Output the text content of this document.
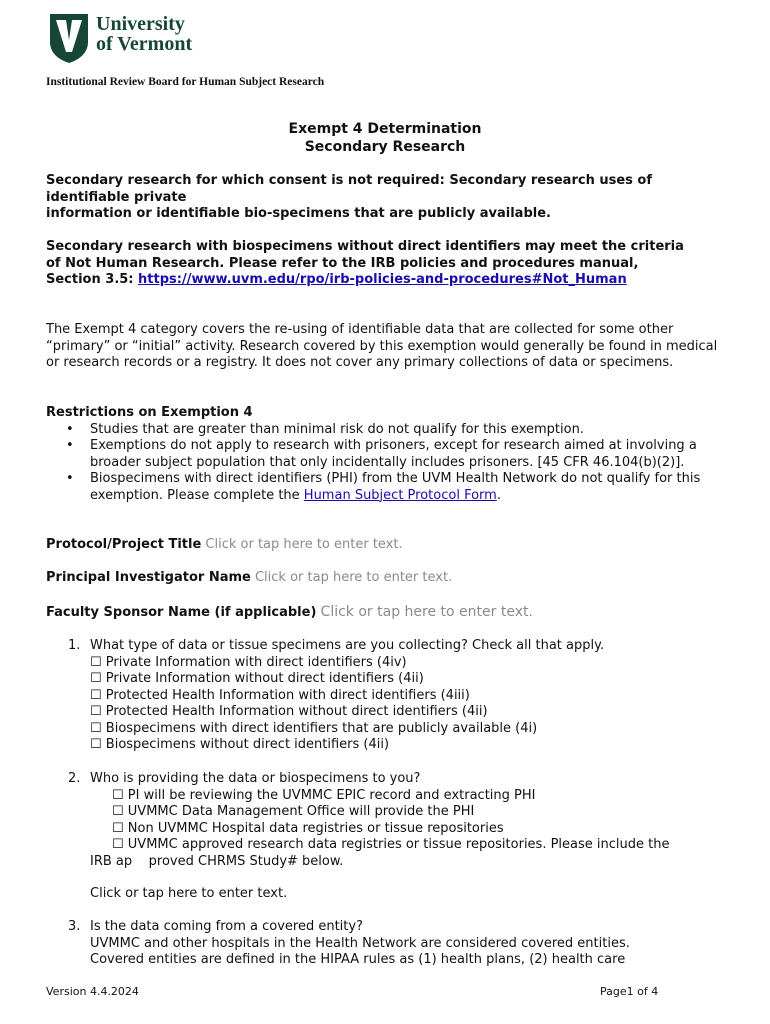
University
of Vermont
Institutional Review Board for Human Subject Research
Exempt 4 Determination
Secondary Research
Secondary research for which consent is not required: Secondary research uses of identifiable private
information or identifiable bio-specimens that are publicly available.
Secondary research with biospecimens without direct identifiers may meet the criteria of Not Human Research. Please refer to the IRB policies and procedures manual, Section 3.5: https://www.uvm.edu/rpo/irb-policies-and-procedures#Not_Human
The Exempt 4 category covers the re-using of identifiable data that are collected for some other “primary” or “initial” activity. Research covered by this exemption would generally be found in medical or research records or a registry. It does not cover any primary collections of data or specimens.
Restrictions on Exemption 4
• Studies that are greater than minimal risk do not qualify for this exemption.
• Exemptions do not apply to research with prisoners, except for research aimed at involving a broader subject population that only incidentally includes prisoners. [45 CFR 46.104(b)(2)].
• Biospecimens with direct identifiers (PHI) from the UVM Health Network do not qualify for this exemption. Please complete the Human Subject Protocol Form.
Protocol/Project Title Click or tap here to enter text.
Principal Investigator Name Click or tap here to enter text.
Faculty Sponsor Name (if applicable) Click or tap here to enter text.
1. What type of data or tissue specimens are you collecting? Check all that apply.
☐ Private Information with direct identifiers (4iv)
☐ Private Information without direct identifiers (4ii)
☐ Protected Health Information with direct identifiers (4iii)
☐ Protected Health Information without direct identifiers (4ii)
☐ Biospecimens with direct identifiers that are publicly available (4i)
☐ Biospecimens without direct identifiers (4ii)
2. Who is providing the data or biospecimens to you?
☐ PI will be reviewing the UVMMC EPIC record and extracting PHI
☐ UVMMC Data Management Office will provide the PHI
☐ Non UVMMC Hospital data registries or tissue repositories
☐ UVMMC approved research data registries or tissue repositories. Please include the
IRB ap    proved CHRMS Study# below.
Click or tap here to enter text.
3. Is the data coming from a covered entity?
UVMMC and other hospitals in the Health Network are considered covered entities.
Covered entities are defined in the HIPAA rules as (1) health plans, (2) health care
Version 4.4.2024	Page1 of 4
